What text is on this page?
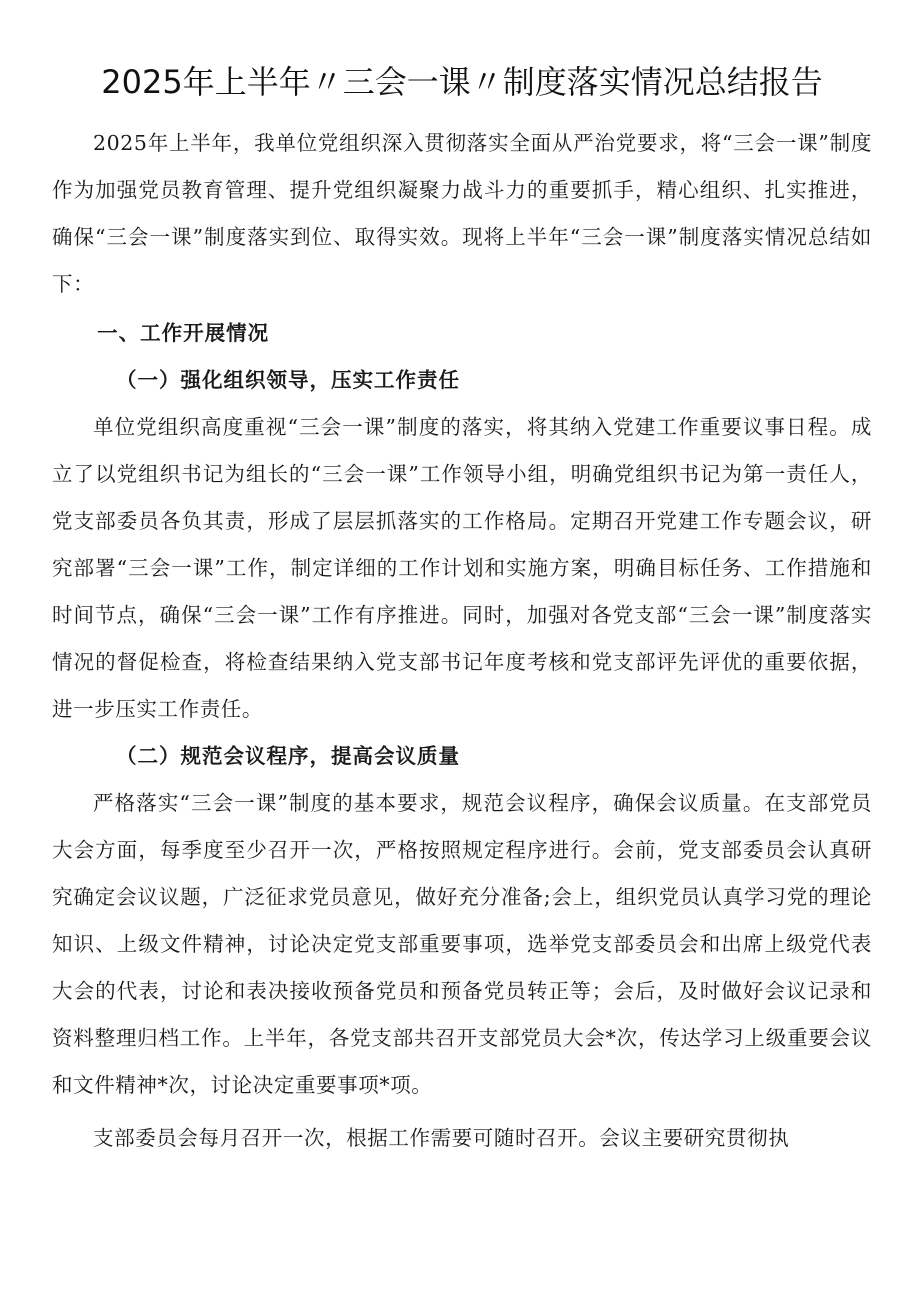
2025年上半年〃三会一课〃制度落实情况总结报告

2025年上半年，我单位党组织深入贯彻落实全面从严治党要求，将“三会一课”制度作为加强党员教育管理、提升党组织凝聚力战斗力的重要抓手，精心组织、扎实推进，确保“三会一课”制度落实到位、取得实效。现将上半年“三会一课”制度落实情况总结如下：

一、工作开展情况
（一）强化组织领导，压实工作责任

单位党组织高度重视“三会一课”制度的落实，将其纳入党建工作重要议事日程。成立了以党组织书记为组长的“三会一课”工作领导小组，明确党组织书记为第一责任人，党支部委员各负其责，形成了层层抓落实的工作格局。定期召开党建工作专题会议，研究部署“三会一课”工作，制定详细的工作计划和实施方案，明确目标任务、工作措施和时间节点，确保“三会一课”工作有序推进。同时，加强对各党支部“三会一课”制度落实情况的督促检查，将检查结果纳入党支部书记年度考核和党支部评先评优的重要依据，进一步压实工作责任。

（二）规范会议程序，提高会议质量

严格落实“三会一课”制度的基本要求，规范会议程序，确保会议质量。在支部党员大会方面，每季度至少召开一次，严格按照规定程序进行。会前，党支部委员会认真研究确定会议议题，广泛征求党员意见，做好充分准备;会上，组织党员认真学习党的理论知识、上级文件精神，讨论决定党支部重要事项，选举党支部委员会和出席上级党代表大会的代表，讨论和表决接收预备党员和预备党员转正等；会后，及时做好会议记录和资料整理归档工作。上半年，各党支部共召开支部党员大会*次，传达学习上级重要会议和文件精神*次，讨论决定重要事项*项。

支部委员会每月召开一次，根据工作需要可随时召开。会议主要研究贯彻执
